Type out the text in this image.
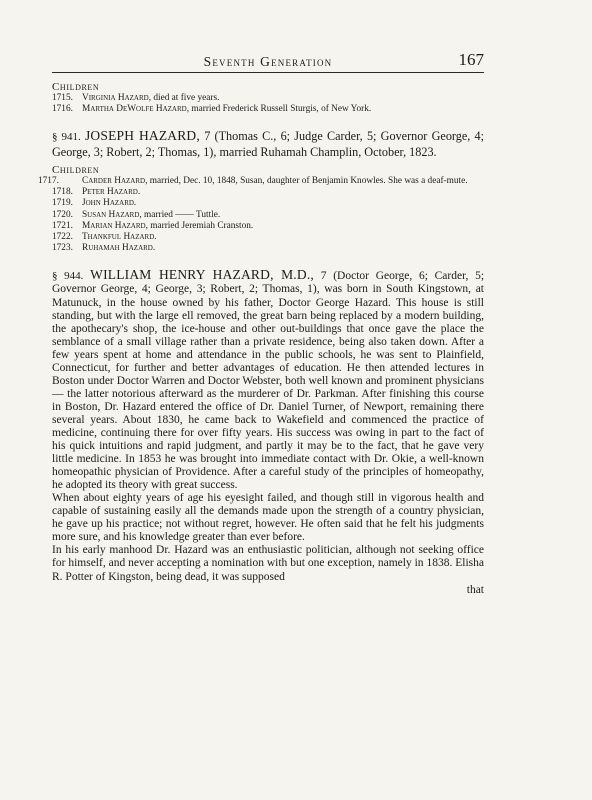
Seventh Generation	167
Children
1715. Virginia Hazard, died at five years.
1716. Martha DeWolfe Hazard, married Frederick Russell Sturgis, of New York.
§ 941. JOSEPH HAZARD, 7 (Thomas C., 6; Judge Carder, 5; Governor George, 4; George, 3; Robert, 2; Thomas, 1), married Ruhamah Champlin, October, 1823.
Children
1717. Carder Hazard, married, Dec. 10, 1848, Susan, daughter of Benjamin Knowles. She was a deaf-mute.
1718. Peter Hazard.
1719. John Hazard.
1720. Susan Hazard, married —— Tuttle.
1721. Marian Hazard, married Jeremiah Cranston.
1722. Thankful Hazard.
1723. Ruhamah Hazard.

§ 944. WILLIAM HENRY HAZARD, M.D., 7 (Doctor George, 6; Carder, 5; Governor George, 4; George, 3; Robert, 2; Thomas, 1), was born in South Kingstown, at Matunuck, in the house owned by his father, Doctor George Hazard. This house is still standing, but with the large ell removed, the great barn being replaced by a modern building, the apothecary's shop, the ice-house and other out-buildings that once gave the place the semblance of a small village rather than a private residence, being also taken down. After a few years spent at home and attendance in the public schools, he was sent to Plainfield, Connecticut, for further and better advantages of education. He then attended lectures in Boston under Doctor Warren and Doctor Webster, both well known and prominent physicians — the latter notorious afterward as the murderer of Dr. Parkman. After finishing this course in Boston, Dr. Hazard entered the office of Dr. Daniel Turner, of Newport, remaining there several years. About 1830, he came back to Wakefield and commenced the practice of medicine, continuing there for over fifty years. His success was owing in part to the fact of his quick intuitions and rapid judgment, and partly it may be to the fact, that he gave very little medicine. In 1853 he was brought into immediate contact with Dr. Okie, a well-known homeopathic physician of Providence. After a careful study of the principles of homeopathy, he adopted its theory with great success.

When about eighty years of age his eyesight failed, and though still in vigorous health and capable of sustaining easily all the demands made upon the strength of a country physician, he gave up his practice; not without regret, however. He often said that he felt his judgments more sure, and his knowledge greater than ever before.

In his early manhood Dr. Hazard was an enthusiastic politician, although not seeking office for himself, and never accepting a nomination with but one exception, namely in 1838. Elisha R. Potter of Kingston, being dead, it was supposed

that
